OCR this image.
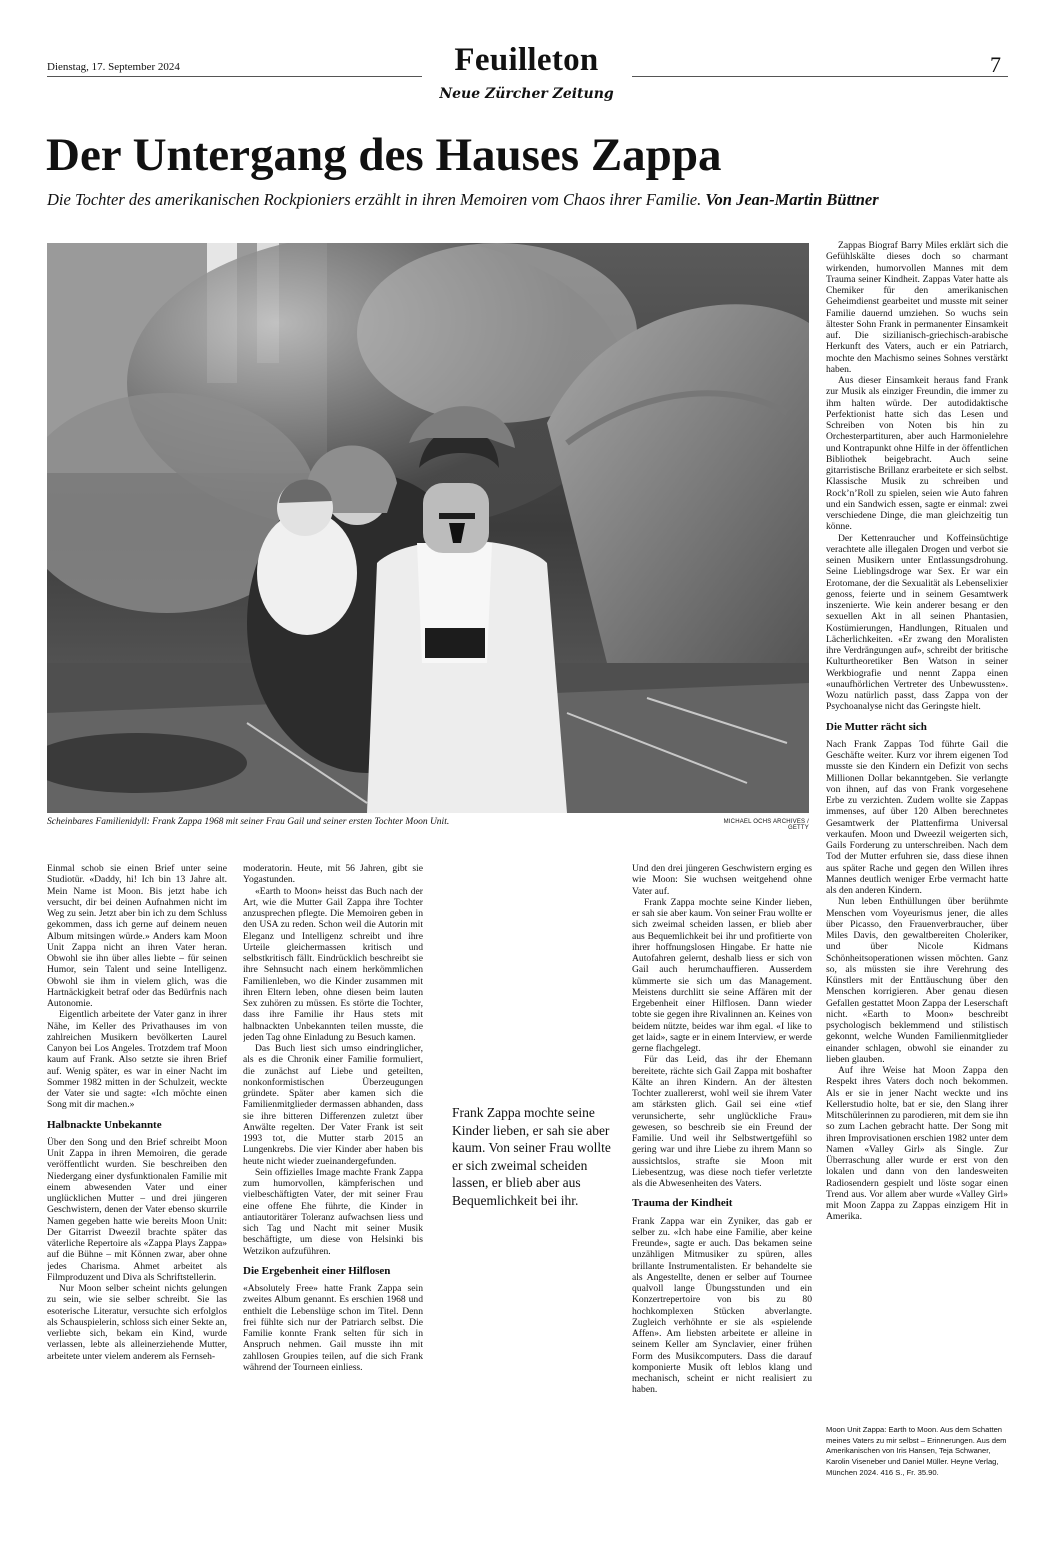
Dienstag, 17. September 2024	Feuilleton
Neue Zürcher Zeitung
7
Der Untergang des Hauses Zappa
Die Tochter des amerikanischen Rockpioniers erzählt in ihren Memoiren vom Chaos ihrer Familie. Von Jean-Martin Büttner
Scheinbares Familienidyll: Frank Zappa 1968 mit seiner Frau Gail und seiner ersten Tochter Moon Unit.	MICHAEL OCHS ARCHIVES / GETTY

Einmal schob sie einen Brief unter seine Studiotür. «Daddy, hi! Ich bin 13 Jahre alt. Mein Name ist Moon. Bis jetzt habe ich versucht, dir bei deinen Aufnahmen nicht im Weg zu sein. Jetzt aber bin ich zu dem Schluss gekommen, dass ich gerne auf deinem neuen Album mitsingen würde.» Anders kam Moon Unit Zappa nicht an ihren Vater heran. Obwohl sie ihn über alles liebte – für seinen Humor, sein Talent und seine Intelligenz. Obwohl sie ihm in vielem glich, was die Hartnäckigkeit betraf oder das Bedürfnis nach Autonomie.

Eigentlich arbeitete der Vater ganz in ihrer Nähe, im Keller des Privathauses im von zahlreichen Musikern bevölkerten Laurel Canyon bei Los Angeles. Trotzdem traf Moon kaum auf Frank. Also setzte sie ihren Brief auf. Wenig später, es war in einer Nacht im Sommer 1982 mitten in der Schulzeit, weckte der Vater sie und sagte: «Ich möchte einen Song mit dir machen.»

Halbnackte Unbekannte

Über den Song und den Brief schreibt Moon Unit Zappa in ihren Memoiren, die gerade veröffentlicht wurden. Sie beschreiben den Niedergang einer dysfunktionalen Familie mit einem abwesenden Vater und einer unglücklichen Mutter – und drei jüngeren Geschwistern, denen der Vater ebenso skurrile Namen gegeben hatte wie bereits Moon Unit: Der Gitarrist Dweezil brachte später das väterliche Repertoire als «Zappa Plays Zappa» auf die Bühne – mit Können zwar, aber ohne jedes Charisma. Ahmet arbeitet als Filmproduzent und Diva als Schriftstellerin.

Nur Moon selber scheint nichts gelungen zu sein, wie sie selber schreibt. Sie las esoterische Literatur, versuchte sich erfolglos als Schauspielerin, schloss sich einer Sekte an, verliebte sich, bekam ein Kind, wurde verlassen, lebte als alleinerziehende Mutter, arbeitete unter vielem anderem als Fernseh-

moderatorin. Heute, mit 56 Jahren, gibt sie Yogastunden.

«Earth to Moon» heisst das Buch nach der Art, wie die Mutter Gail Zappa ihre Tochter anzusprechen pflegte. Die Memoiren geben in den USA zu reden. Schon weil die Autorin mit Eleganz und Intelligenz schreibt und ihre Urteile gleichermassen kritisch und selbstkritisch fällt. Eindrücklich beschreibt sie ihre Sehnsucht nach einem herkömmlichen Familienleben, wo die Kinder zusammen mit ihren Eltern leben, ohne diesen beim lauten Sex zuhören zu müssen. Es störte die Tochter, dass ihre Familie ihr Haus stets mit halbnackten Unbekannten teilen musste, die jeden Tag ohne Einladung zu Besuch kamen.

Das Buch liest sich umso eindringlicher, als es die Chronik einer Familie formuliert, die zunächst auf Liebe und geteilten, nonkonformistischen Überzeugungen gründete. Später aber kamen sich die Familienmitglieder dermassen abhanden, dass sie ihre bitteren Differenzen zuletzt über Anwälte regelten. Der Vater Frank ist seit 1993 tot, die Mutter starb 2015 an Lungenkrebs. Die vier Kinder aber haben bis heute nicht wieder zueinandergefunden.

Sein offizielles Image machte Frank Zappa zum humorvollen, kämpferischen und vielbeschäftigten Vater, der mit seiner Frau eine offene Ehe führte, die Kinder in antiautoritärer Toleranz aufwachsen liess und sich Tag und Nacht mit seiner Musik beschäftigte, um diese von Helsinki bis Wetzikon aufzuführen.

Die Ergebenheit einer Hilflosen

«Absolutely Free» hatte Frank Zappa sein zweites Album genannt. Es erschien 1968 und enthielt die Lebenslüge schon im Titel. Denn frei fühlte sich nur der Patriarch selbst. Die Familie konnte Frank selten für sich in Anspruch nehmen. Gail musste ihn mit zahllosen Groupies teilen, auf die sich Frank während der Tourneen einliess.

Frank Zappa mochte seine Kinder lieben, er sah sie aber kaum. Von seiner Frau wollte er sich zweimal scheiden lassen, er blieb aber aus Bequemlichkeit bei ihr.

Und den drei jüngeren Geschwistern erging es wie Moon: Sie wuchsen weitgehend ohne Vater auf.

Frank Zappa mochte seine Kinder lieben, er sah sie aber kaum. Von seiner Frau wollte er sich zweimal scheiden lassen, er blieb aber aus Bequemlichkeit bei ihr und profitierte von ihrer hoffnungslosen Hingabe. Er hatte nie Autofahren gelernt, deshalb liess er sich von Gail auch herumchauffieren. Ausserdem kümmerte sie sich um das Management. Meistens durchlitt sie seine Affären mit der Ergebenheit einer Hilflosen. Dann wieder tobte sie gegen ihre Rivalinnen an. Keines von beidem nützte, beides war ihm egal. «I like to get laid», sagte er in einem Interview, er werde gerne flachgelegt.

Für das Leid, das ihr der Ehemann bereitete, rächte sich Gail Zappa mit boshafter Kälte an ihren Kindern. An der ältesten Tochter zuallererst, wohl weil sie ihrem Vater am stärksten glich. Gail sei eine «tief verunsicherte, sehr unglückliche Frau» gewesen, so beschreib sie ein Freund der Familie. Und weil ihr Selbstwertgefühl so gering war und ihre Liebe zu ihrem Mann so aussichtslos, strafte sie Moon mit Liebesentzug, was diese noch tiefer verletzte als die Abwesenheiten des Vaters.

Trauma der Kindheit

Frank Zappa war ein Zyniker, das gab er selber zu. «Ich habe eine Familie, aber keine Freunde», sagte er auch. Das bekamen seine unzähligen Mitmusiker zu spüren, alles brillante Instrumentalisten. Er behandelte sie als Angestellte, denen er selber auf Tournee qualvoll lange Übungsstunden und ein Konzertrepertoire von bis zu 80 hochkomplexen Stücken abverlangte. Zugleich verhöhnte er sie als «spielende Affen». Am liebsten arbeitete er alleine in seinem Keller am Synclavier, einer frühen Form des Musikcomputers. Dass die darauf komponierte Musik oft leblos klang und mechanisch, scheint er nicht realisiert zu haben.

Zappas Biograf Barry Miles erklärt sich die Gefühlskälte dieses doch so charmant wirkenden, humorvollen Mannes mit dem Trauma seiner Kindheit. Zappas Vater hatte als Chemiker für den amerikanischen Geheimdienst gearbeitet und musste mit seiner Familie dauernd umziehen. So wuchs sein ältester Sohn Frank in permanenter Einsamkeit auf. Die sizilianisch-griechisch-arabische Herkunft des Vaters, auch er ein Patriarch, mochte den Machismo seines Sohnes verstärkt haben.

Aus dieser Einsamkeit heraus fand Frank zur Musik als einziger Freundin, die immer zu ihm halten würde. Der autodidaktische Perfektionist hatte sich das Lesen und Schreiben von Noten bis hin zu Orchesterpartituren, aber auch Harmonielehre und Kontrapunkt ohne Hilfe in der öffentlichen Bibliothek beigebracht. Auch seine gitarristische Brillanz erarbeitete er sich selbst. Klassische Musik zu schreiben und Rock’n’Roll zu spielen, seien wie Auto fahren und ein Sandwich essen, sagte er einmal: zwei verschiedene Dinge, die man gleichzeitig tun könne.

Der Kettenraucher und Koffeinsüchtige verachtete alle illegalen Drogen und verbot sie seinen Musikern unter Entlassungsdrohung. Seine Lieblingsdroge war Sex. Er war ein Erotomane, der die Sexualität als Lebenselixier genoss, feierte und in seinem Gesamtwerk inszenierte. Wie kein anderer besang er den sexuellen Akt in all seinen Phantasien, Kostümierungen, Handlungen, Ritualen und Lächerlichkeiten. «Er zwang den Moralisten ihre Verdrängungen auf», schreibt der britische Kulturtheoretiker Ben Watson in seiner Werkbiografie und nennt Zappa einen «unaufhörlichen Vertreter des Unbewussten». Wozu natürlich passt, dass Zappa von der Psychoanalyse nicht das Geringste hielt.

Die Mutter rächt sich

Nach Frank Zappas Tod führte Gail die Geschäfte weiter. Kurz vor ihrem eigenen Tod musste sie den Kindern ein Defizit von sechs Millionen Dollar bekanntgeben. Sie verlangte von ihnen, auf das von Frank vorgesehene Erbe zu verzichten. Zudem wollte sie Zappas immenses, auf über 120 Alben berechnetes Gesamtwerk der Plattenfirma Universal verkaufen. Moon und Dweezil weigerten sich, Gails Forderung zu unterschreiben. Nach dem Tod der Mutter erfuhren sie, dass diese ihnen aus später Rache und gegen den Willen ihres Mannes deutlich weniger Erbe vermacht hatte als den anderen Kindern.

Nun leben Enthüllungen über berühmte Menschen vom Voyeurismus jener, die alles über Picasso, den Frauenverbraucher, über Miles Davis, den gewaltbereiten Choleriker, und über Nicole Kidmans Schönheitsoperationen wissen möchten. Ganz so, als müssten sie ihre Verehrung des Künstlers mit der Enttäuschung über den Menschen korrigieren. Aber genau diesen Gefallen gestattet Moon Zappa der Leserschaft nicht. «Earth to Moon» beschreibt psychologisch beklemmend und stilistisch gekonnt, welche Wunden Familienmitglieder einander schlagen, obwohl sie einander zu lieben glauben.

Auf ihre Weise hat Moon Zappa den Respekt ihres Vaters doch noch bekommen. Als er sie in jener Nacht weckte und ins Kellerstudio holte, bat er sie, den Slang ihrer Mitschülerinnen zu parodieren, mit dem sie ihn so zum Lachen gebracht hatte. Der Song mit ihren Improvisationen erschien 1982 unter dem Namen «Valley Girl» als Single. Zur Überraschung aller wurde er erst von den lokalen und dann von den landesweiten Radiosendern gespielt und löste sogar einen Trend aus. Vor allem aber wurde «Valley Girl» mit Moon Zappa zu Zappas einzigem Hit in Amerika.

Moon Unit Zappa: Earth to Moon. Aus dem Schatten meines Vaters zu mir selbst – Erinnerungen. Aus dem Amerikanischen von Iris Hansen, Teja Schwaner, Karolin Viseneber und Daniel Müller. Heyne Verlag, München 2024. 416 S., Fr. 35.90.
